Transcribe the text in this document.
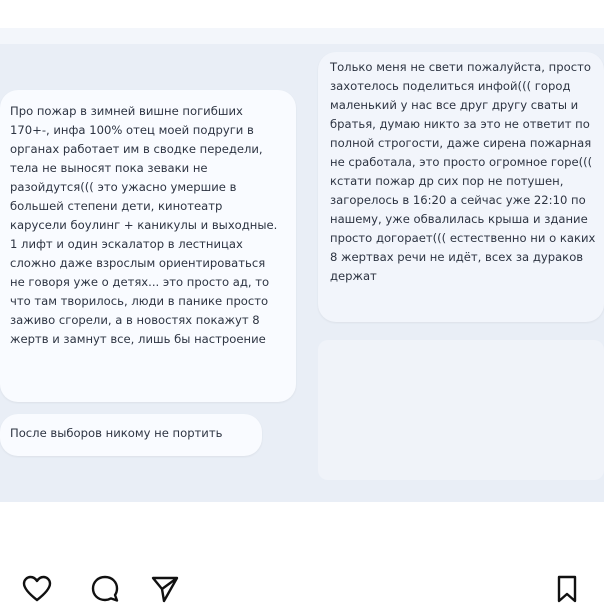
Про пожар в зимней вишне погибших 170+-, инфа 100% отец моей подруги в органах работает им в сводке передели, тела не выносят пока зеваки не разойдутся((( это ужасно умершие в большей степени дети, кинотеатр карусели боулинг + каникулы и выходные. 1 лифт и один эскалатор в лестницах сложно даже взрослым ориентироваться не говоря уже о детях... это просто ад, то что там творилось, люди в панике просто заживо сгорели, а в новостях покажут 8 жертв и замнут все, лишь бы настроение

После выборов никому не портить

Только меня не свети пожалуйста, просто захотелось поделиться инфой((( город маленький у нас все друг другу сваты и братья, думаю никто за это не ответит по полной строгости, даже сирена пожарная не сработала, это просто огромное горе((( кстати пожар др сих пор не потушен, загорелось в 16:20 а сейчас уже 22:10 по нашему, уже обвалилась крыша и здание просто догорает((( естественно ни о каких 8 жертвах речи не идёт, всех за дураков держат
